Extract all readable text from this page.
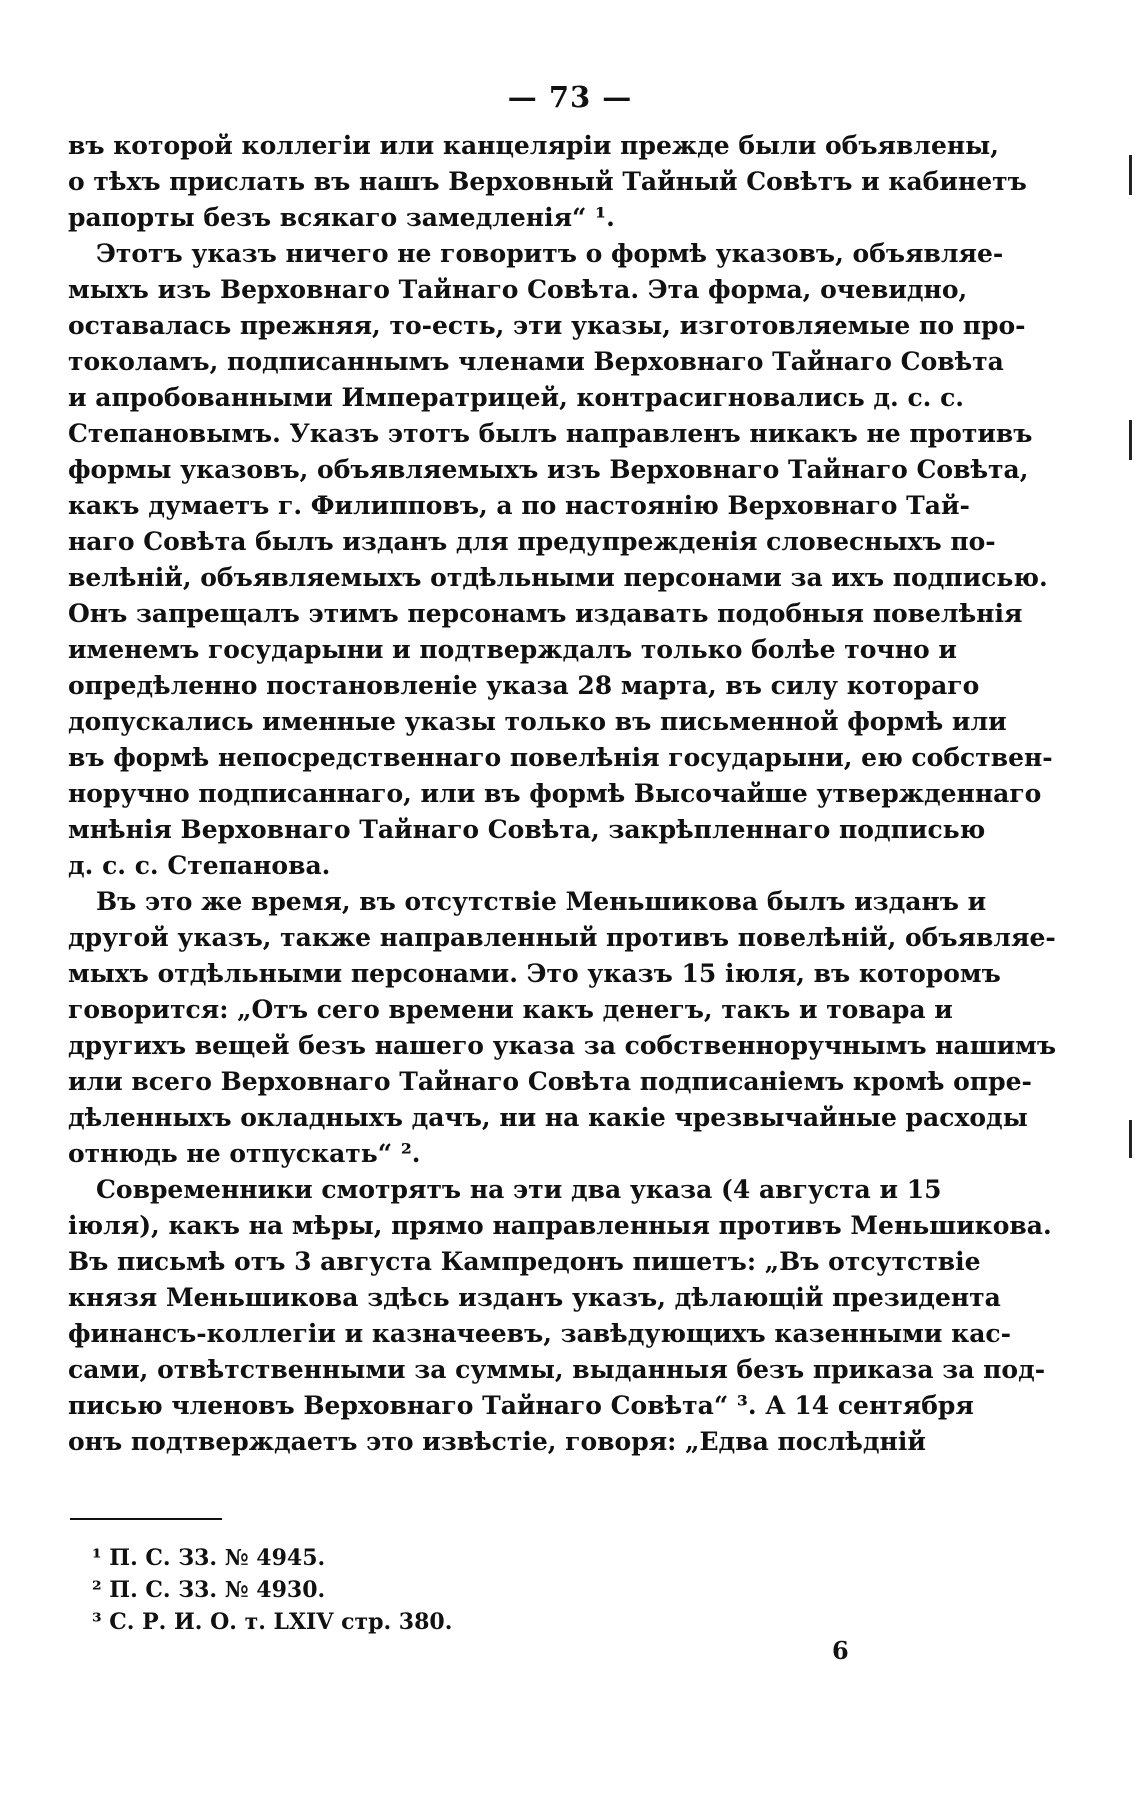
— 73 —
въ которой коллегіи или канцеляріи прежде были объявлены,
о тѣхъ прислать въ нашъ Верховный Тайный Совѣтъ и кабинетъ
рапорты безъ всякаго замедленія“ ¹.
Этотъ указъ ничего не говоритъ о формѣ указовъ, объявляе-
мыхъ изъ Верховнаго Тайнаго Совѣта. Эта форма, очевидно,
оставалась прежняя, то-есть, эти указы, изготовляемые по про-
токоламъ, подписаннымъ членами Верховнаго Тайнаго Совѣта
и апробованными Императрицей, контрасигновались д. с. с.
Степановымъ. Указъ этотъ былъ направленъ никакъ не противъ
формы указовъ, объявляемыхъ изъ Верховнаго Тайнаго Совѣта,
какъ думаетъ г. Филипповъ, а по настоянію Верховнаго Тай-
наго Совѣта былъ изданъ для предупрежденія словесныхъ по-
велѣній, объявляемыхъ отдѣльными персонами за ихъ подписью.
Онъ запрещалъ этимъ персонамъ издавать подобныя повелѣнія
именемъ государыни и подтверждалъ только болѣе точно и
опредѣленно постановленіе указа 28 марта, въ силу котораго
допускались именные указы только въ письменной формѣ или
въ формѣ непосредственнаго повелѣнія государыни, ею собствен-
норучно подписаннаго, или въ формѣ Высочайше утвержденнаго
мнѣнія Верховнаго Тайнаго Совѣта, закрѣпленнаго подписью
д. с. с. Степанова.
Въ это же время, въ отсутствіе Меньшикова былъ изданъ и
другой указъ, также направленный противъ повелѣній, объявляе-
мыхъ отдѣльными персонами. Это указъ 15 іюля, въ которомъ
говорится: „Отъ сего времени какъ денегъ, такъ и товара и
другихъ вещей безъ нашего указа за собственноручнымъ нашимъ
или всего Верховнаго Тайнаго Совѣта подписаніемъ кромѣ опре-
дѣленныхъ окладныхъ дачъ, ни на какіе чрезвычайные расходы
отнюдь не отпускать“ ².
Современники смотрятъ на эти два указа (4 августа и 15
іюля), какъ на мѣры, прямо направленныя противъ Меньшикова.
Въ письмѣ отъ 3 августа Кампредонъ пишетъ: „Въ отсутствіе
князя Меньшикова здѣсь изданъ указъ, дѣлающій президента
финансъ-коллегіи и казначеевъ, завѣдующихъ казенными кас-
сами, отвѣтственными за суммы, выданныя безъ приказа за под-
писью членовъ Верховнаго Тайнаго Совѣта“ ³. А 14 сентября
онъ подтверждаетъ это извѣстіе, говоря: „Едва послѣдній
¹ П. С. З3. № 4945.
² П. С. З3. № 4930.
³ С. Р. И. О. т. LXIV стр. 380.
6
